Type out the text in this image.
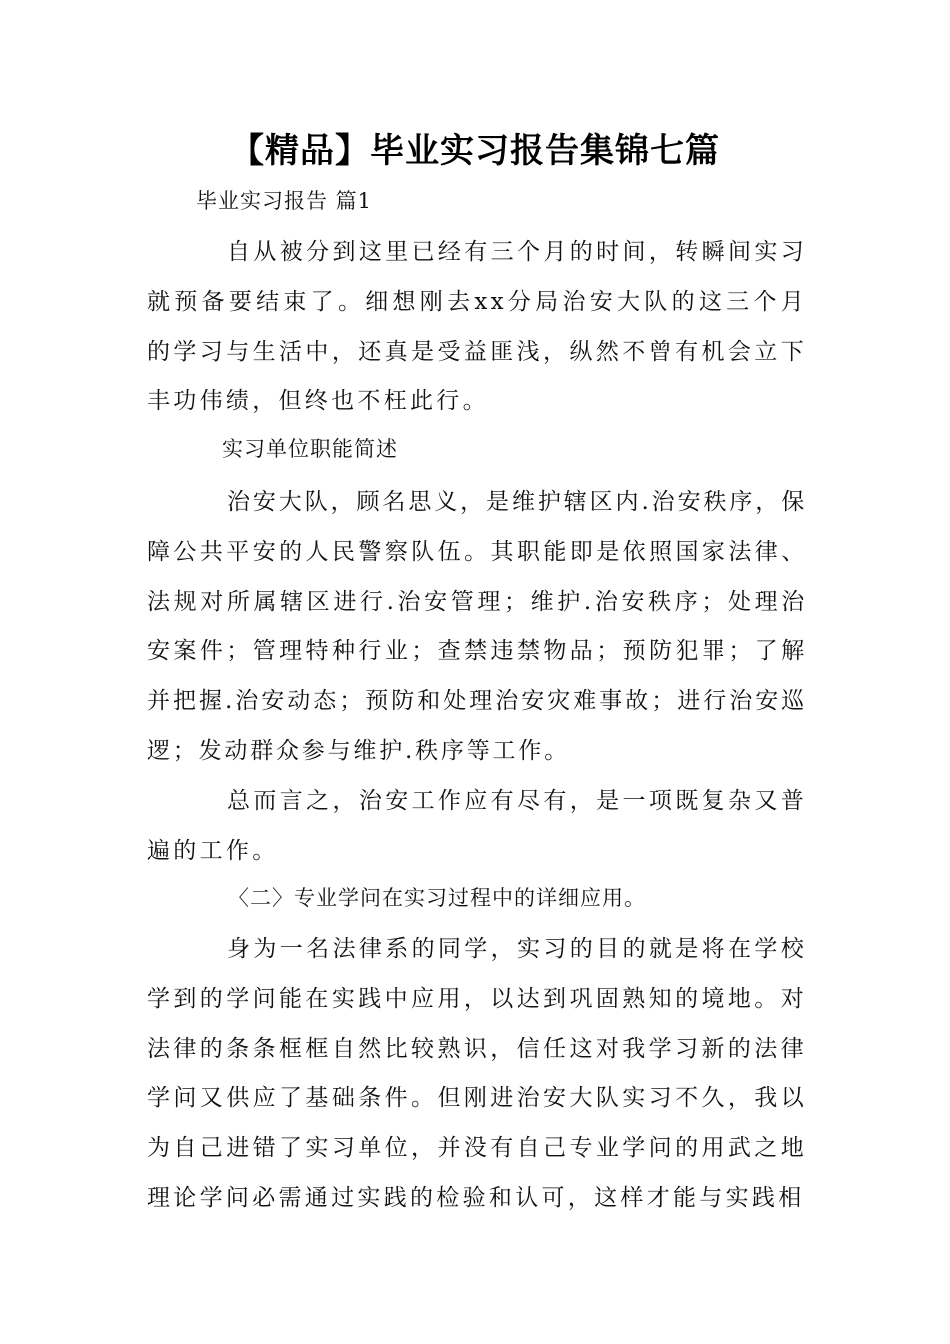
【精品】毕业实习报告集锦七篇
毕业实习报告 篇1

自从被分到这里已经有三个月的时间，转瞬间实习就预备要结束了。细想刚去xx分局治安大队的这三个月的学习与生活中，还真是受益匪浅，纵然不曾有机会立下丰功伟绩，但终也不枉此行。

实习单位职能简述

治安大队，顾名思义，是维护辖区内.治安秩序，保障公共平安的人民警察队伍。其职能即是依照国家法律、法规对所属辖区进行.治安管理；维护.治安秩序；处理治安案件；管理特种行业；查禁违禁物品；预防犯罪；了解并把握.治安动态；预防和处理治安灾难事故；进行治安巡逻；发动群众参与维护.秩序等工作。

总而言之，治安工作应有尽有，是一项既复杂又普遍的工作。

〈二〉专业学问在实习过程中的详细应用。

身为一名法律系的同学，实习的目的就是将在学校学到的学问能在实践中应用，以达到巩固熟知的境地。对法律的条条框框自然比较熟识，信任这对我学习新的法律学问又供应了基础条件。但刚进治安大队实习不久，我以为自己进错了实习单位，并没有自己专业学问的用武之地理论学问必需通过实践的检验和认可，这样才能与实践相
